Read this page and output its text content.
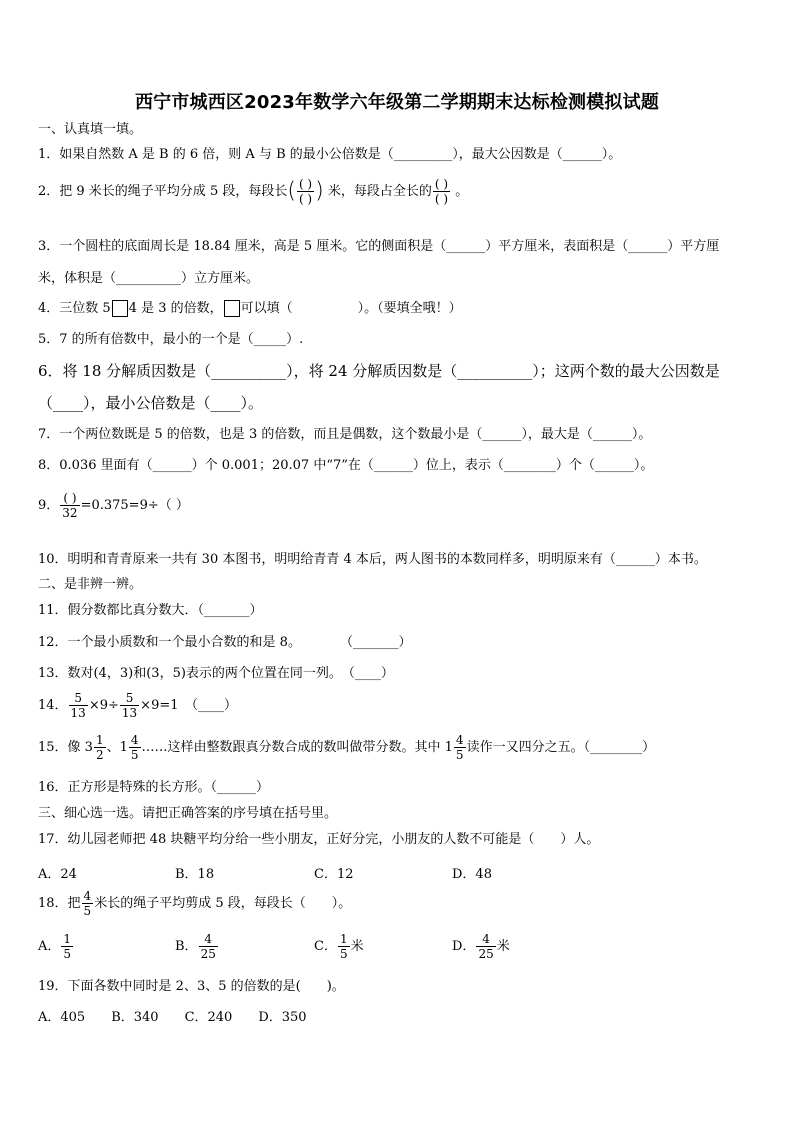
西宁市城西区2023年数学六年级第二学期期末达标检测模拟试题
一、认真填一填。
1．如果自然数 A 是 B 的 6 倍，则 A 与 B 的最小公倍数是（_________），最大公因数是（______）。
2．把 9 米长的绳子平均分成 5 段，每段长( $\frac{( )}{( )}$ ) 米，每段占全长的 $\frac{( )}{( )}$ 。
3．一个圆柱的底面周长是 18.84 厘米，高是 5 厘米。它的侧面积是（______）平方厘米，表面积是（______）平方厘
米，体积是（__________）立方厘米。
4．三位数 5 4 是 3 的倍数， 可以填（　　　　　）。（要填全哦！）
5．7 的所有倍数中，最小的一个是（_____）.
6．将 18 分解质因数是（__________），将 24 分解质因数是（__________）；这两个数的最大公因数是
（____），最小公倍数是（____）。
7．一个两位数既是 5 的倍数，也是 3 的倍数，而且是偶数，这个数最小是（______），最大是（______）。
8．0.036 里面有（______）个 0.001；20.07 中“7”在（______）位上，表示（________）个（______）。
9． $\frac{( )}{32} =0.375=9\div$（ ）
10．明明和青青原来一共有 30 本图书，明明给青青 4 本后，两人图书的本数同样多，明明原来有（______）本书。
二、是非辨一辨。
11．假分数都比真分数大．（_______）
12．一个最小质数和一个最小合数的和是 8。　　　　（_______）
13．数对(4，3)和(3，5)表示的两个位置在同一列。　（____）
14． $\frac{5}{13} \times 9\div \frac{5}{13} \times 9=1$　（____）
15．像 $3 \frac{1}{2}$ 、$1 \frac{4}{5}$ ……这样由整数跟真分数合成的数叫做带分数。其中 $1 \frac{4}{5}$ 读作一又四分之五。（________）
16．正方形是特殊的长方形。（______）
三、细心选一选。请把正确答案的序号填在括号里。
17．幼儿园老师把 48 块糖平均分给一些小朋友，正好分完，小朋友的人数不可能是（　　）人。
A．24	B．18	C．12	D．48
18．把 $\frac{4}{5}$ 米长的绳子平均剪成 5 段，每段长（　　）。
A． $\frac{1}{5}$	B． $\frac{4}{25}$	C． $\frac{1}{5}$ 米	D． $\frac{4}{25}$ 米
19．下面各数中同时是 2、3、5 的倍数的是(　　)。
A．405　　B．340　　C．240　　D．350
